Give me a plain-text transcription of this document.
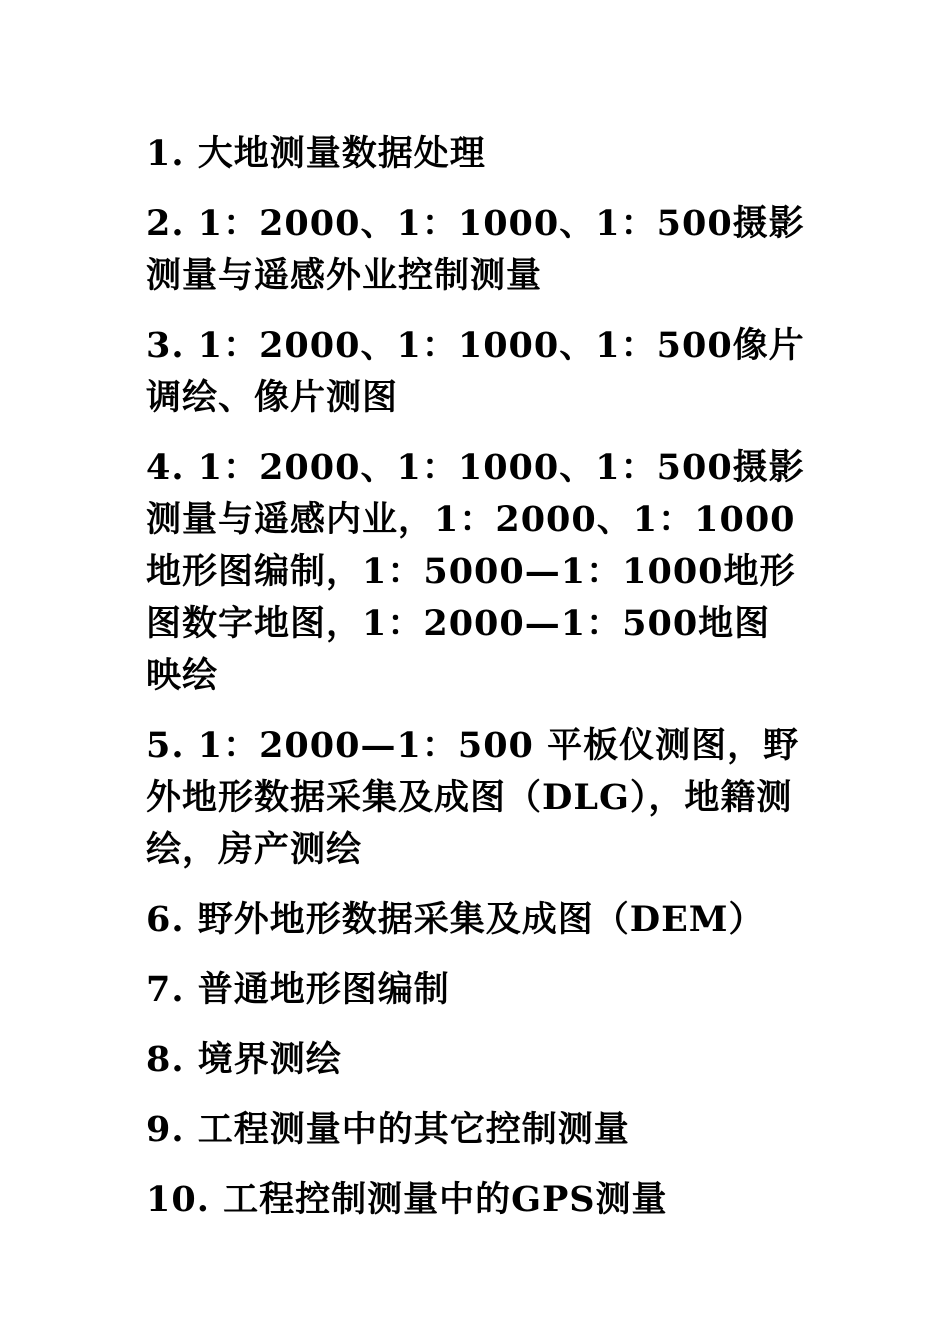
1. 大地测量数据处理

2. 1：2000、1：1000、1：500摄影测量与遥感外业控制测量

3. 1：2000、1：1000、1：500像片调绘、像片测图

4. 1：2000、1：1000、1：500摄影测量与遥感内业，1：2000、1：1000地形图编制，1：5000—1：1000地形图数字地图，1：2000—1：500地图映绘

5. 1：2000—1：500 平板仪测图，野外地形数据采集及成图（DLG），地籍测绘，房产测绘

6. 野外地形数据采集及成图（DEM）

7. 普通地形图编制

8. 境界测绘

9. 工程测量中的其它控制测量

10. 工程控制测量中的GPS测量
